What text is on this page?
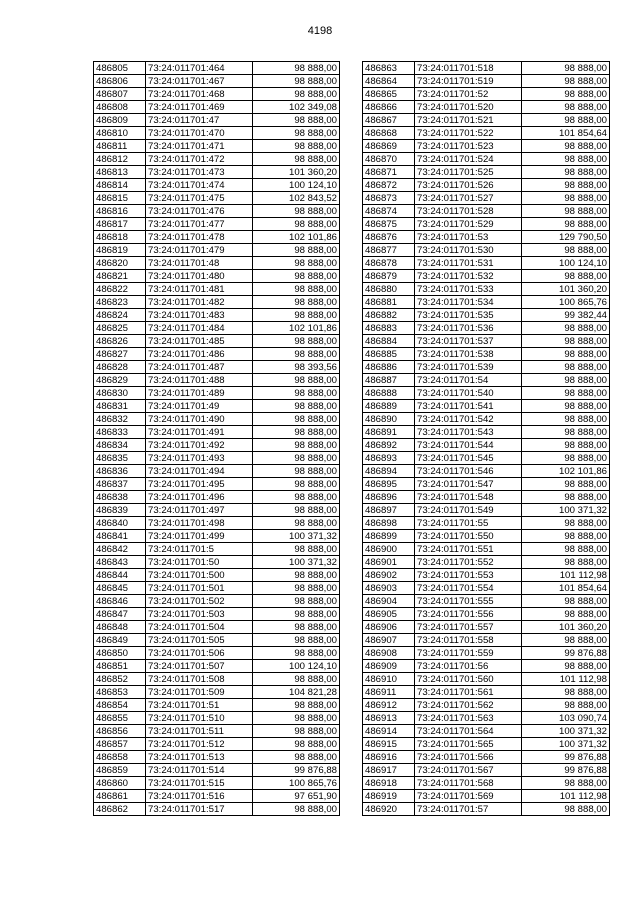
4198
486805	73:24:011701:464	98 888,00
486806	73:24:011701:467	98 888,00
486807	73:24:011701:468	98 888,00
486808	73:24:011701:469	102 349,08
486809	73:24:011701:47	98 888,00
486810	73:24:011701:470	98 888,00
486811	73:24:011701:471	98 888,00
486812	73:24:011701:472	98 888,00
486813	73:24:011701:473	101 360,20
486814	73:24:011701:474	100 124,10
486815	73:24:011701:475	102 843,52
486816	73:24:011701:476	98 888,00
486817	73:24:011701:477	98 888,00
486818	73:24:011701:478	102 101,86
486819	73:24:011701:479	98 888,00
486820	73:24:011701:48	98 888,00
486821	73:24:011701:480	98 888,00
486822	73:24:011701:481	98 888,00
486823	73:24:011701:482	98 888,00
486824	73:24:011701:483	98 888,00
486825	73:24:011701:484	102 101,86
486826	73:24:011701:485	98 888,00
486827	73:24:011701:486	98 888,00
486828	73:24:011701:487	98 393,56
486829	73:24:011701:488	98 888,00
486830	73:24:011701:489	98 888,00
486831	73:24:011701:49	98 888,00
486832	73:24:011701:490	98 888,00
486833	73:24:011701:491	98 888,00
486834	73:24:011701:492	98 888,00
486835	73:24:011701:493	98 888,00
486836	73:24:011701:494	98 888,00
486837	73:24:011701:495	98 888,00
486838	73:24:011701:496	98 888,00
486839	73:24:011701:497	98 888,00
486840	73:24:011701:498	98 888,00
486841	73:24:011701:499	100 371,32
486842	73:24:011701:5	98 888,00
486843	73:24:011701:50	100 371,32
486844	73:24:011701:500	98 888,00
486845	73:24:011701:501	98 888,00
486846	73:24:011701:502	98 888,00
486847	73:24:011701:503	98 888,00
486848	73:24:011701:504	98 888,00
486849	73:24:011701:505	98 888,00
486850	73:24:011701:506	98 888,00
486851	73:24:011701:507	100 124,10
486852	73:24:011701:508	98 888,00
486853	73:24:011701:509	104 821,28
486854	73:24:011701:51	98 888,00
486855	73:24:011701:510	98 888,00
486856	73:24:011701:511	98 888,00
486857	73:24:011701:512	98 888,00
486858	73:24:011701:513	98 888,00
486859	73:24:011701:514	99 876,88
486860	73:24:011701:515	100 865,76
486861	73:24:011701:516	97 651,90
486862	73:24:011701:517	98 888,00
486863	73:24:011701:518	98 888,00
486864	73:24:011701:519	98 888,00
486865	73:24:011701:52	98 888,00
486866	73:24:011701:520	98 888,00
486867	73:24:011701:521	98 888,00
486868	73:24:011701:522	101 854,64
486869	73:24:011701:523	98 888,00
486870	73:24:011701:524	98 888,00
486871	73:24:011701:525	98 888,00
486872	73:24:011701:526	98 888,00
486873	73:24:011701:527	98 888,00
486874	73:24:011701:528	98 888,00
486875	73:24:011701:529	98 888,00
486876	73:24:011701:53	129 790,50
486877	73:24:011701:530	98 888,00
486878	73:24:011701:531	100 124,10
486879	73:24:011701:532	98 888,00
486880	73:24:011701:533	101 360,20
486881	73:24:011701:534	100 865,76
486882	73:24:011701:535	99 382,44
486883	73:24:011701:536	98 888,00
486884	73:24:011701:537	98 888,00
486885	73:24:011701:538	98 888,00
486886	73:24:011701:539	98 888,00
486887	73:24:011701:54	98 888,00
486888	73:24:011701:540	98 888,00
486889	73:24:011701:541	98 888,00
486890	73:24:011701:542	98 888,00
486891	73:24:011701:543	98 888,00
486892	73:24:011701:544	98 888,00
486893	73:24:011701:545	98 888,00
486894	73:24:011701:546	102 101,86
486895	73:24:011701:547	98 888,00
486896	73:24:011701:548	98 888,00
486897	73:24:011701:549	100 371,32
486898	73:24:011701:55	98 888,00
486899	73:24:011701:550	98 888,00
486900	73:24:011701:551	98 888,00
486901	73:24:011701:552	98 888,00
486902	73:24:011701:553	101 112,98
486903	73:24:011701:554	101 854,64
486904	73:24:011701:555	98 888,00
486905	73:24:011701:556	98 888,00
486906	73:24:011701:557	101 360,20
486907	73:24:011701:558	98 888,00
486908	73:24:011701:559	99 876,88
486909	73:24:011701:56	98 888,00
486910	73:24:011701:560	101 112,98
486911	73:24:011701:561	98 888,00
486912	73:24:011701:562	98 888,00
486913	73:24:011701:563	103 090,74
486914	73:24:011701:564	100 371,32
486915	73:24:011701:565	100 371,32
486916	73:24:011701:566	99 876,88
486917	73:24:011701:567	99 876,88
486918	73:24:011701:568	98 888,00
486919	73:24:011701:569	101 112,98
486920	73:24:011701:57	98 888,00
